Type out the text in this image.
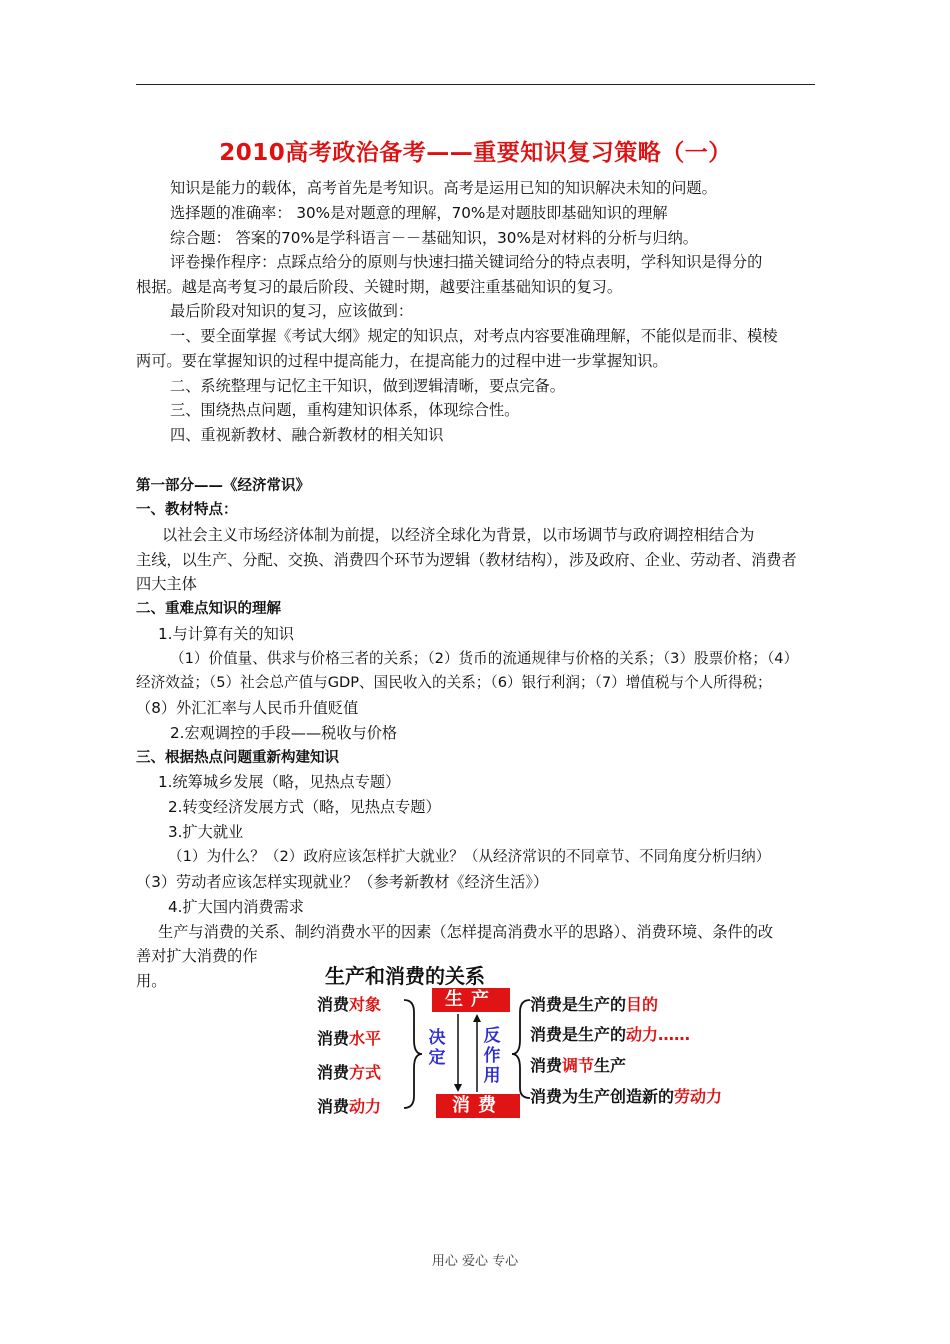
2010高考政治备考——重要知识复习策略（一）
知识是能力的载体，高考首先是考知识。高考是运用已知的知识解决未知的问题。
选择题的准确率： 30%是对题意的理解，70%是对题肢即基础知识的理解
综合题： 答案的70%是学科语言－－基础知识，30%是对材料的分析与归纳。
评卷操作程序：点踩点给分的原则与快速扫描关键词给分的特点表明，学科知识是得分的
根据。越是高考复习的最后阶段、关键时期，越要注重基础知识的复习。
最后阶段对知识的复习，应该做到：
一、要全面掌握《考试大纲》规定的知识点，对考点内容要准确理解，不能似是而非、模棱
两可。要在掌握知识的过程中提高能力，在提高能力的过程中进一步掌握知识。
二、系统整理与记忆主干知识，做到逻辑清晰，要点完备。
三、围绕热点问题，重构建知识体系，体现综合性。
四、重视新教材、融合新教材的相关知识
第一部分——《经济常识》
一、教材特点：
以社会主义市场经济体制为前提，以经济全球化为背景，以市场调节与政府调控相结合为
主线，以生产、分配、交换、消费四个环节为逻辑（教材结构），涉及政府、企业、劳动者、消费者
四大主体
二、重难点知识的理解
1.与计算有关的知识
（1）价值量、供求与价格三者的关系；（2）货币的流通规律与价格的关系；（3）股票价格；（4）
经济效益；（5）社会总产值与GDP、国民收入的关系；（6）银行利润；（7）增值税与个人所得税；
（8）外汇汇率与人民币升值贬值
2.宏观调控的手段——税收与价格
三、根据热点问题重新构建知识
1.统筹城乡发展（略，见热点专题）
2.转变经济发展方式（略，见热点专题）
3.扩大就业
（1）为什么？（2）政府应该怎样扩大就业？（从经济常识的不同章节、不同角度分析归纳）
（3）劳动者应该怎样实现就业？（参考新教材《经济生活》）
4.扩大国内消费需求
生产与消费的关系、制约消费水平的因素（怎样提高消费水平的思路）、消费环境、条件的改
善对扩大消费的作
用。	生产和消费的关系
消费对象
消费水平
消费方式
消费动力
生产
消费
决
定
反
作
用
消费是生产的目的
消费是生产的动力……
消费调节生产
消费为生产创造新的劳动力
用心 爱心 专心
